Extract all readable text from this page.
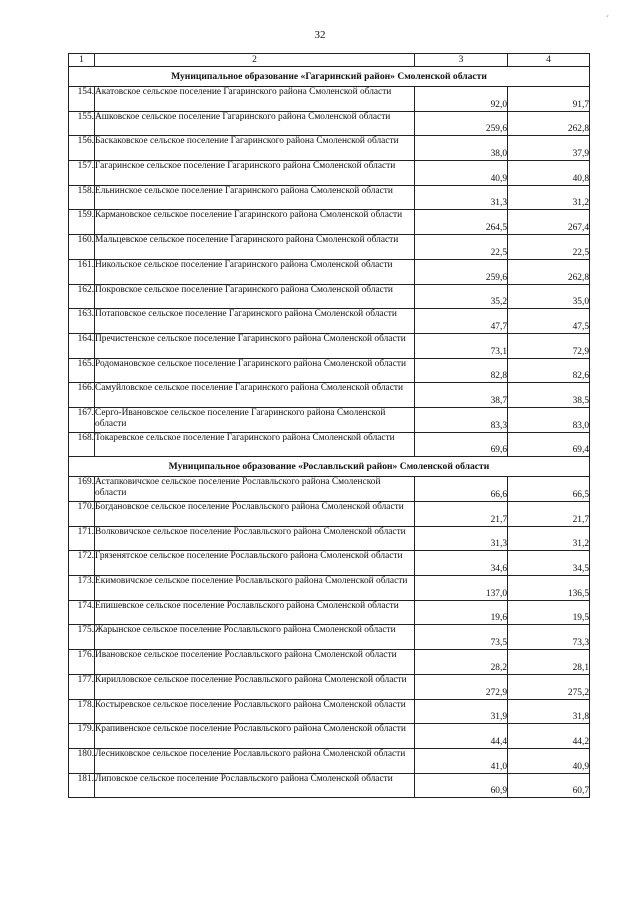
32
´
1	2	3	4
Муниципальное образование «Гагаринский район» Смоленской области			
154.	Акатовское сельское поселение Гагаринского района Смоленской области	92,0	91,7
155.	Ашковское сельское поселение Гагаринского района Смоленской области	259,6	262,8
156.	Баскаковское сельское поселение Гагаринского района Смоленской области	38,0	37,9
157.	Гагаринское сельское поселение Гагаринского района Смоленской области	40,9	40,8
158.	Ельнинское сельское поселение Гагаринского района Смоленской области	31,3	31,2
159.	Кармановское сельское поселение Гагаринского района Смоленской области	264,5	267,4
160.	Мальцевское сельское поселение Гагаринского района Смоленской области	22,5	22,5
161.	Никольское сельское поселение Гагаринского района Смоленской области	259,6	262,8
162.	Покровское сельское поселение Гагаринского района Смоленской области	35,2	35,0
163.	Потаповское сельское поселение Гагаринского района Смоленской области	47,7	47,5
164.	Пречистенское сельское поселение Гагаринского района Смоленской области	73,1	72,9
165.	Родомановское сельское поселение Гагаринского района Смоленской области	82,8	82,6
166.	Самуйловское сельское поселение Гагаринского района Смоленской области	38,7	38,5
167.	Серго-Ивановское сельское поселение Гагаринского района Смоленской области	83,3	83,0
168.	Токаревское сельское поселение Гагаринского района Смоленской области	69,6	69,4
Муниципальное образование «Рославльский район» Смоленской области			
169.	Астапковичское сельское поселение Рославльского района Смоленской области	66,6	66,5
170.	Богдановское сельское поселение Рославльского района Смоленской области	21,7	21,7
171.	Волковичское сельское поселение Рославльского района Смоленской области	31,3	31,2
172.	Грязенятское сельское поселение Рославльского района Смоленской области	34,6	34,5
173.	Екимовичское сельское поселение Рославльского района Смоленской области	137,0	136,5
174.	Епишевское сельское поселение Рославльского района Смоленской области	19,6	19,5
175.	Жарынское сельское поселение Рославльского района Смоленской области	73,5	73,3
176.	Ивановское сельское поселение Рославльского района Смоленской области	28,2	28,1
177.	Кирилловское сельское поселение Рославльского района Смоленской области	272,9	275,2
178.	Костыревское сельское поселение Рославльского района Смоленской области	31,9	31,8
179.	Крапивенское сельское поселение Рославльского района Смоленской области	44,4	44,2
180.	Лесниковское сельское поселение Рославльского района Смоленской области	41,0	40,9
181.	Липовское сельское поселение Рославльского района Смоленской области	60,9	60,7
